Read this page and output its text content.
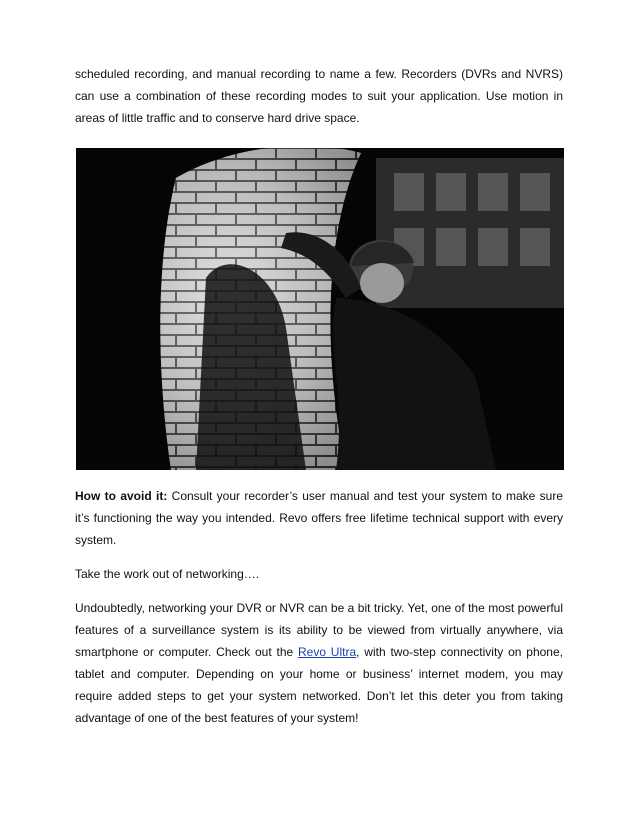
scheduled recording, and manual recording to name a few. Recorders (DVRs and NVRS) can use a combination of these recording modes to suit your application. Use motion in areas of little traffic and to conserve hard drive space.

How to avoid it: Consult your recorder’s user manual and test your system to make sure it’s functioning the way you intended. Revo offers free lifetime technical support with every system.

Take the work out of networking….

Undoubtedly, networking your DVR or NVR can be a bit tricky. Yet, one of the most powerful features of a surveillance system is its ability to be viewed from virtually anywhere, via smartphone or computer. Check out the Revo Ultra, with two-step connectivity on phone, tablet and computer. Depending on your home or business’ internet modem, you may require added steps to get your system networked. Don’t let this deter you from taking advantage of one of the best features of your system!
